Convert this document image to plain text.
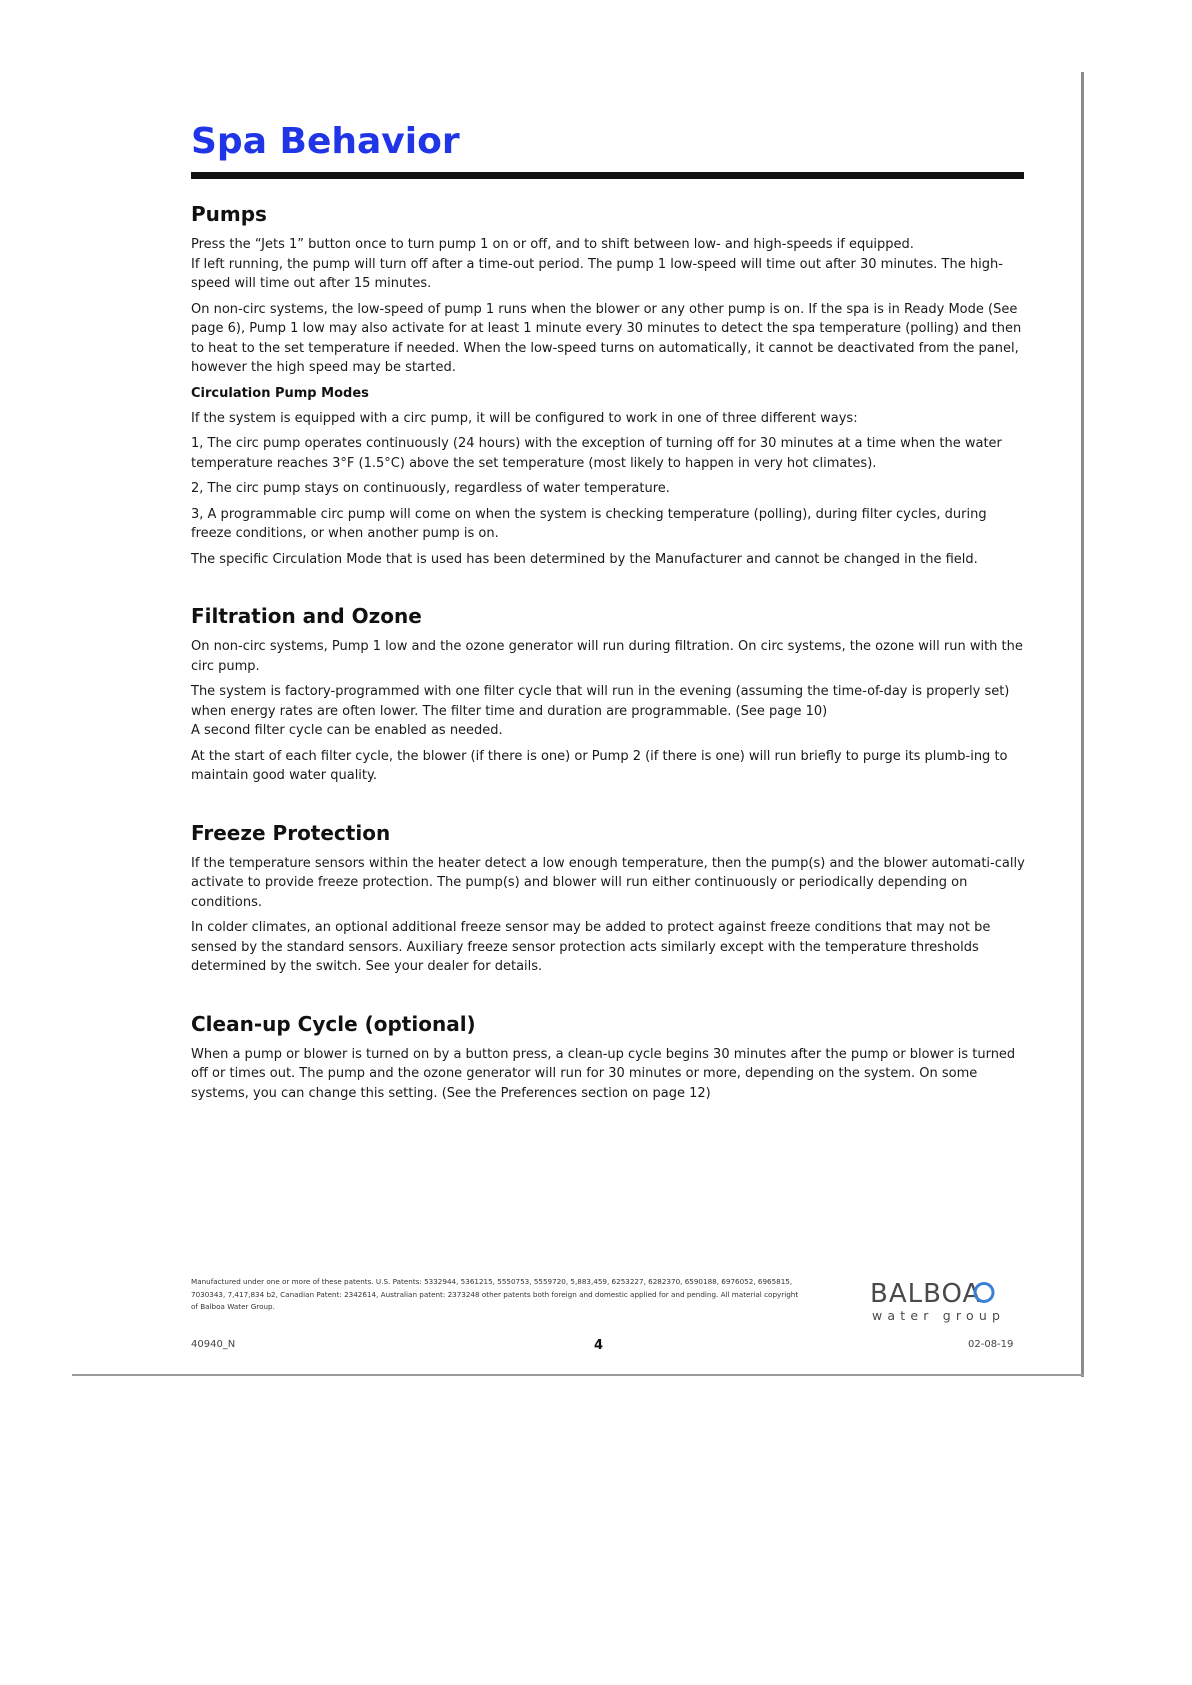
Spa Behavior
Pumps

Press the “Jets 1” button once to turn pump 1 on or off, and to shift between low- and high-speeds if equipped.

If left running, the pump will turn off after a time-out period. The pump 1 low-speed will time out after 30 minutes. The high-speed will time out after 15 minutes.

On non-circ systems, the low-speed of pump 1 runs when the blower or any other pump is on. If the spa is in Ready Mode (See page 6), Pump 1 low may also activate for at least 1 minute every 30 minutes to detect the spa temperature (polling) and then to heat to the set temperature if needed. When the low-speed turns on automatically, it cannot be deactivated from the panel, however the high speed may be started.

Circulation Pump Modes

If the system is equipped with a circ pump, it will be configured to work in one of three different ways:

1, The circ pump operates continuously (24 hours) with the exception of turning off for 30 minutes at a time when the water temperature reaches 3°F (1.5°C) above the set temperature (most likely to happen in very hot climates).

2, The circ pump stays on continuously, regardless of water temperature.

3, A programmable circ pump will come on when the system is checking temperature (polling), during filter cycles, during freeze conditions, or when another pump is on.

The specific Circulation Mode that is used has been determined by the Manufacturer and cannot be changed in the field.

Filtration and Ozone

On non-circ systems, Pump 1 low and the ozone generator will run during filtration. On circ systems, the ozone will run with the circ pump.

The system is factory-programmed with one filter cycle that will run in the evening (assuming the time-of-day is properly set) when energy rates are often lower. The filter time and duration are programmable. (See page 10)

A second filter cycle can be enabled as needed.

At the start of each filter cycle, the blower (if there is one) or Pump 2 (if there is one) will run briefly to purge its plumb-ing to maintain good water quality.

Freeze Protection

If the temperature sensors within the heater detect a low enough temperature, then the pump(s) and the blower automati-cally activate to provide freeze protection. The pump(s) and blower will run either continuously or periodically depending on conditions.

In colder climates, an optional additional freeze sensor may be added to protect against freeze conditions that may not be sensed by the standard sensors. Auxiliary freeze sensor protection acts similarly except with the temperature thresholds determined by the switch. See your dealer for details.

Clean-up Cycle (optional)

When a pump or blower is turned on by a button press, a clean-up cycle begins 30 minutes after the pump or blower is turned off or times out. The pump and the ozone generator will run for 30 minutes or more, depending on the system. On some systems, you can change this setting. (See the Preferences section on page 12)

Manufactured under one or more of these patents. U.S. Patents: 5332944, 5361215, 5550753, 5559720, 5,883,459, 6253227, 6282370, 6590188, 6976052, 6965815, 7030343, 7,417,834 b2, Canadian Patent: 2342614, Australian patent: 2373248 other patents both foreign and domestic applied for and pending. All material copyright of Balboa Water Group.	BALBOA
water group
40940_N	4	02-08-19
